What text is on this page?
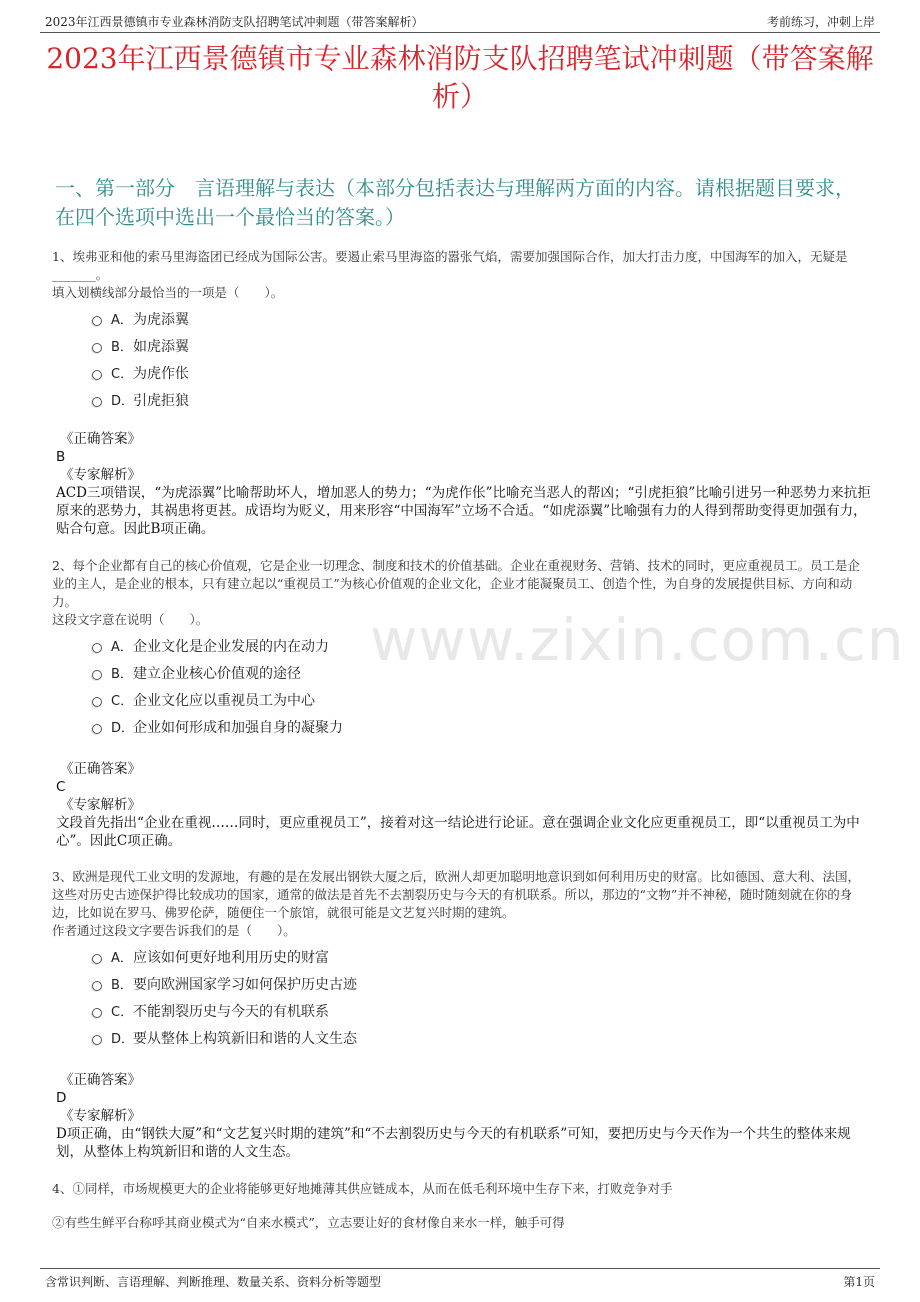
2023年江西景德镇市专业森林消防支队招聘笔试冲刺题（带答案解析）	考前练习，冲刺上岸
www.zixin.com.cn
2023年江西景德镇市专业森林消防支队招聘笔试冲刺题（带答案解析）
一、第一部分　言语理解与表达（本部分包括表达与理解两方面的内容。请根据题目要求，在四个选项中选出一个最恰当的答案。）
1、埃弗亚和他的索马里海盗团已经成为国际公害。要遏止索马里海盗的嚣张气焰，需要加强国际合作，加大打击力度，中国海军的加入，无疑是_______。
填入划横线部分最恰当的一项是（　　）。
A． 为虎添翼
B． 如虎添翼
C． 为虎作伥
D．
引虎拒狼
《正确答案》
B
《专家解析》
ACD三项错误，“为虎添翼”比喻帮助坏人，增加恶人的势力；“为虎作伥”比喻充当恶人的帮凶；“引虎拒狼”比喻引进另一种恶势力来抗拒原来的恶势力，其祸患将更甚。成语均为贬义，用来形容“中国海军”立场不合适。“如虎添翼”比喻强有力的人得到帮助变得更加强有力，贴合句意。因此B项正确。
2、每个企业都有自己的核心价值观，它是企业一切理念、制度和技术的价值基础。企业在重视财务、营销、技术的同时，更应重视员工。员工是企业的主人，是企业的根本，只有建立起以“重视员工”为核心价值观的企业文化，企业才能凝聚员工、创造个性，为自身的发展提供目标、方向和动力。
这段文字意在说明（　　）。
A． 企业文化是企业发展的内在动力
B． 建立企业核心价值观的途径
C． 企业文化应以重视员工为中心
D．
企业如何形成和加强自身的凝聚力
《正确答案》
C
《专家解析》
文段首先指出“企业在重视……同时，更应重视员工”，接着对这一结论进行论证。意在强调企业文化应更重视员工，即“以重视员工为中心”。因此C项正确。
3、欧洲是现代工业文明的发源地，有趣的是在发展出钢铁大厦之后，欧洲人却更加聪明地意识到如何利用历史的财富。比如德国、意大利、法国，这些对历史古迹保护得比较成功的国家，通常的做法是首先不去割裂历史与今天的有机联系。所以，那边的“文物”并不神秘，随时随刻就在你的身边，比如说在罗马、佛罗伦萨，随便住一个旅馆，就很可能是文艺复兴时期的建筑。
作者通过这段文字要告诉我们的是（　　）。
A． 应该如何更好地利用历史的财富
B． 要向欧洲国家学习如何保护历史古迹
C． 不能割裂历史与今天的有机联系
D．
要从整体上构筑新旧和谐的人文生态
《正确答案》
D
《专家解析》
D项正确，由“钢铁大厦”和“文艺复兴时期的建筑”和“不去割裂历史与今天的有机联系”可知，要把历史与今天作为一个共生的整体来规划，从整体上构筑新旧和谐的人文生态。
4、①同样，市场规模更大的企业将能够更好地摊薄其供应链成本，从而在低毛利环境中生存下来，打败竞争对手
②有些生鲜平台称呼其商业模式为“自来水模式”，立志要让好的食材像自来水一样，触手可得
含常识判断、言语理解、判断推理、数量关系、资料分析等题型	第1页
